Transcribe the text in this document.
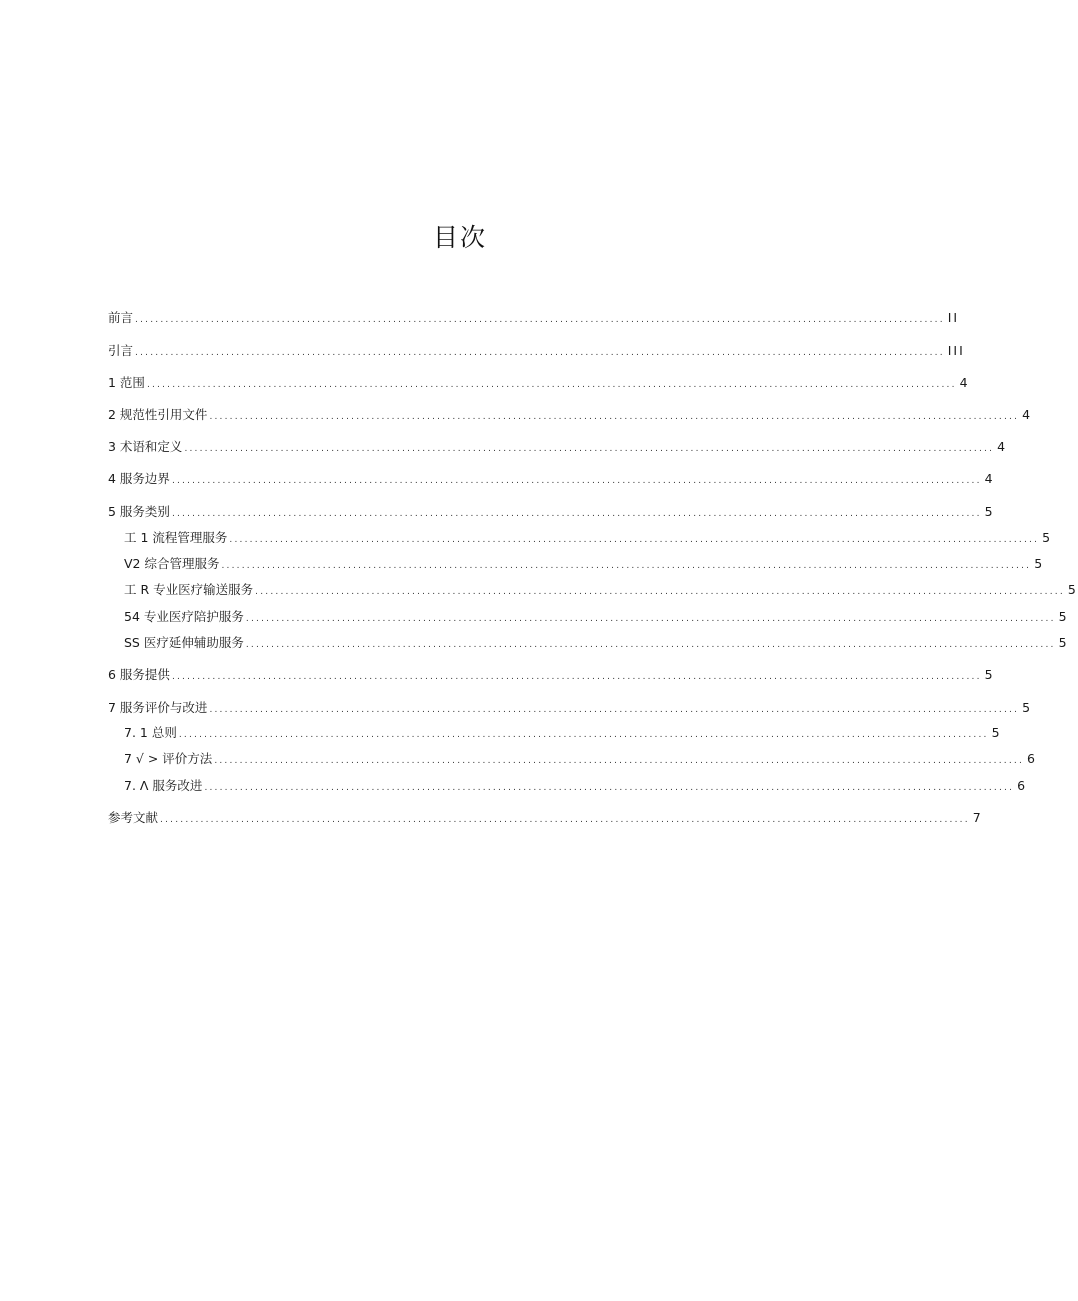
目次
前言 ................................................................................................................................................................ II
引言 ................................................................................................................................................................ III
1 范围 ................................................................................................................................................................ 4
2 规范性引用文件 ................................................................................................................................................................ 4
3 术语和定义 ................................................................................................................................................................ 4
4 服务边界 ................................................................................................................................................................ 4
5 服务类别 ................................................................................................................................................................ 5
工 1 流程管理服务 ................................................................................................................................................................ 5
V2 综合管理服务 ................................................................................................................................................................ 5
工 R 专业医疗输送服务 ................................................................................................................................................................ 5
54 专业医疗陪护服务 ................................................................................................................................................................ 5
SS 医疗延伸辅助服务 ................................................................................................................................................................ 5
6 服务提供 ................................................................................................................................................................ 5
7 服务评价与改进 ................................................................................................................................................................ 5
7. 1 总则 ................................................................................................................................................................ 5
7 √ > 评价方法 ................................................................................................................................................................ 6
7. Λ 服务改进 ................................................................................................................................................................ 6
参考文献 ................................................................................................................................................................ 7
